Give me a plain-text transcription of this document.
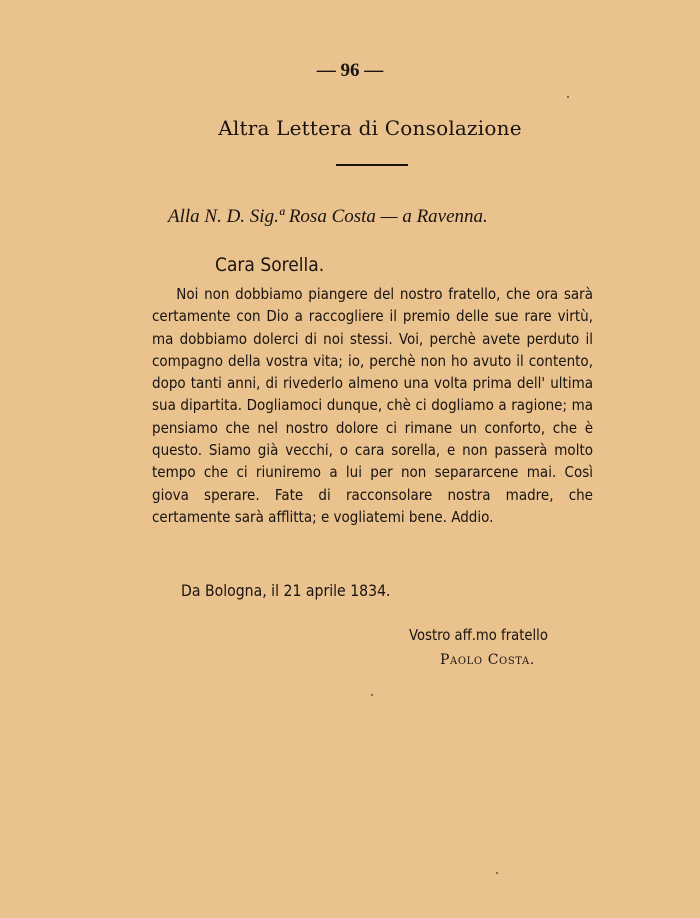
— 96 —
Altra Lettera di Consolazione
Alla N. D. Sig.ª Rosa Costa — a Ravenna.
Cara Sorella.
Noi non dobbiamo piangere del nostro fratello, che ora sarà certamente con Dio a raccogliere il premio delle sue rare virtù, ma dobbiamo dolerci di noi stessi. Voi, perchè avete perduto il compagno della vostra vita; io, perchè non ho avuto il contento, dopo tanti anni, di rivederlo almeno una volta prima dell' ultima sua dipartita. Dogliamoci dunque, chè ci dogliamo a ragione; ma pensiamo che nel nostro dolore ci rimane un conforto, che è questo. Siamo già vecchi, o cara sorella, e non passerà molto tempo che ci riuniremo a lui per non separarcene mai. Così giova sperare. Fate di racconsolare nostra madre, che certamente sarà afflitta; e vogliatemi bene. Addio.
Da Bologna, il 21 aprile 1834.
Vostro aff.mo fratello
Paolo Costa.
